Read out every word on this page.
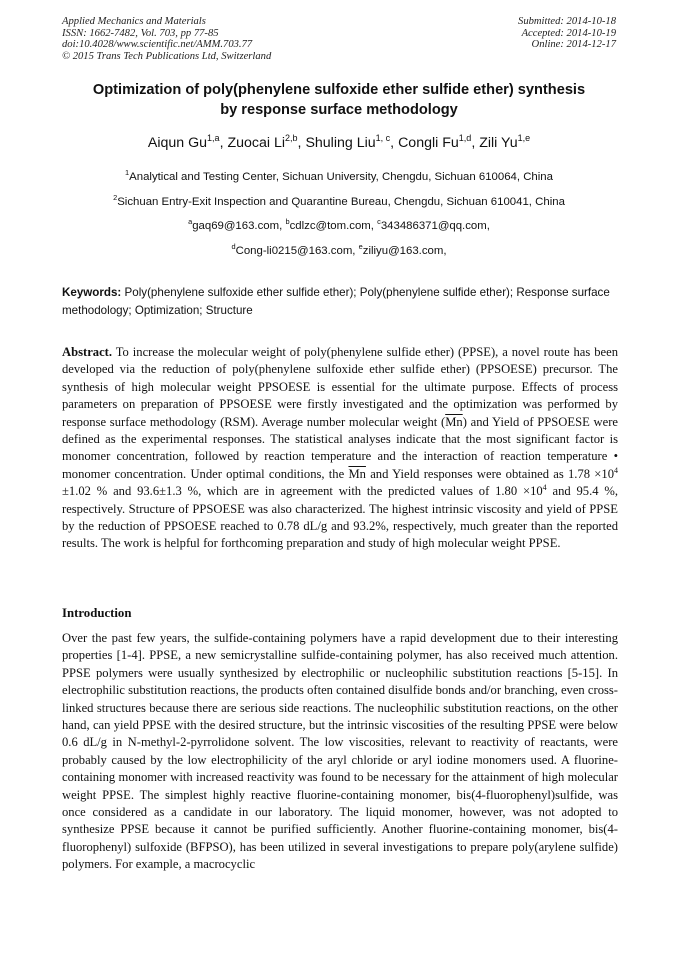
Applied Mechanics and Materials
ISSN: 1662-7482, Vol. 703, pp 77-85
doi:10.4028/www.scientific.net/AMM.703.77
© 2015 Trans Tech Publications Ltd, Switzerland
Submitted: 2014-10-18
Accepted: 2014-10-19
Online: 2014-12-17
Optimization of poly(phenylene sulfoxide ether sulfide ether) synthesis
by response surface methodology
Aiqun Gu$^{1,a}$, Zuocai Li$^{2,b}$, Shuling Liu$^{1, c}$, Congli Fu$^{1,d}$, Zili Yu$^{1,e}$
$^1$Analytical and Testing Center, Sichuan University, Chengdu, Sichuan 610064, China
$^2$Sichuan Entry-Exit Inspection and Quarantine Bureau, Chengdu, Sichuan 610041, China
$^a$gaq69@163.com, $^b$cdlzc@tom.com, $^c$343486371@qq.com,
$^d$Cong-li0215@163.com, $^e$ziliyu@163.com,
Keywords: Poly(phenylene sulfoxide ether sulfide ether); Poly(phenylene sulfide ether); Response surface methodology; Optimization; Structure
Abstract. To increase the molecular weight of poly(phenylene sulfide ether) (PPSE), a novel route has been developed via the reduction of poly(phenylene sulfoxide ether sulfide ether) (PPSOESE) precursor. The synthesis of high molecular weight PPSOESE is essential for the ultimate purpose. Effects of process parameters on preparation of PPSOESE were firstly investigated and the optimization was performed by response surface methodology (RSM). Average number molecular weight $(\overline{Mn})$ and Yield of PPSOESE were defined as the experimental responses. The statistical analyses indicate that the most significant factor is monomer concentration, followed by reaction temperature and the interaction of reaction temperature • monomer concentration. Under optimal conditions, the $\overline{Mn}$ and Yield responses were obtained as $1.78 \times 10^4 \pm 1.02$ % and 93.6±1.3 %, which are in agreement with the predicted values of $1.80 \times 10^4$ and 95.4 %, respectively. Structure of PPSOESE was also characterized. The highest intrinsic viscosity and yield of PPSE by the reduction of PPSOESE reached to 0.78 dL/g and 93.2%, respectively, much greater than the reported results. The work is helpful for forthcoming preparation and study of high molecular weight PPSE.
Introduction
Over the past few years, the sulfide-containing polymers have a rapid development due to their interesting properties [1-4]. PPSE, a new semicrystalline sulfide-containing polymer, has also received much attention. PPSE polymers were usually synthesized by electrophilic or nucleophilic substitution reactions [5-15]. In electrophilic substitution reactions, the products often contained disulfide bonds and/or branching, even cross-linked structures because there are serious side reactions. The nucleophilic substitution reactions, on the other hand, can yield PPSE with the desired structure, but the intrinsic viscosities of the resulting PPSE were below 0.6 dL/g in N-methyl-2-pyrrolidone solvent. The low viscosities, relevant to reactivity of reactants, were probably caused by the low electrophilicity of the aryl chloride or aryl iodine monomers used. A fluorine-containing monomer with increased reactivity was found to be necessary for the attainment of high molecular weight PPSE. The simplest highly reactive fluorine-containing monomer, bis(4-fluorophenyl)sulfide, was once considered as a candidate in our laboratory. The liquid monomer, however, was not adopted to synthesize PPSE because it cannot be purified sufficiently. Another fluorine-containing monomer, bis(4-fluorophenyl) sulfoxide (BFPSO), has been utilized in several investigations to prepare poly(arylene sulfide) polymers. For example, a macrocyclic
